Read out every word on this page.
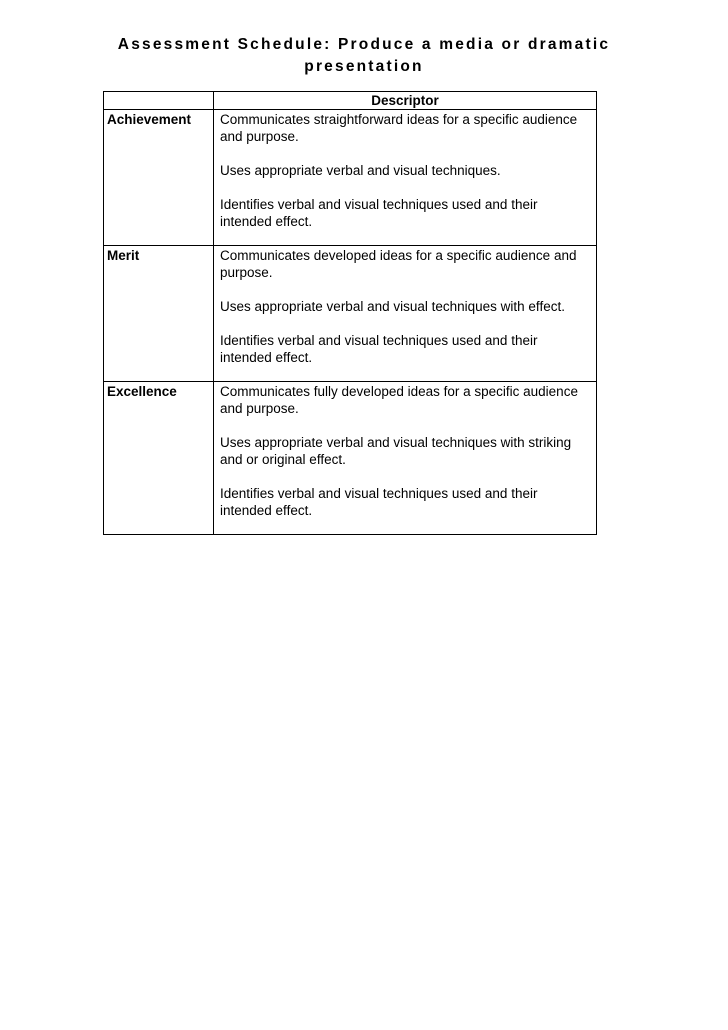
Assessment Schedule: Produce a media or dramatic presentation
	Descriptor
Achievement	Communicates straightforward ideas for a specific audience and purpose.
Uses appropriate verbal and visual techniques.
Identifies verbal and visual techniques used and their intended effect.

Merit	Communicates developed ideas for a specific audience and purpose.
Uses appropriate verbal and visual techniques with effect.
Identifies verbal and visual techniques used and their intended effect.

Excellence	Communicates fully developed ideas for a specific audience and purpose.
Uses appropriate verbal and visual techniques with striking and or original effect.
Identifies verbal and visual techniques used and their intended effect.
